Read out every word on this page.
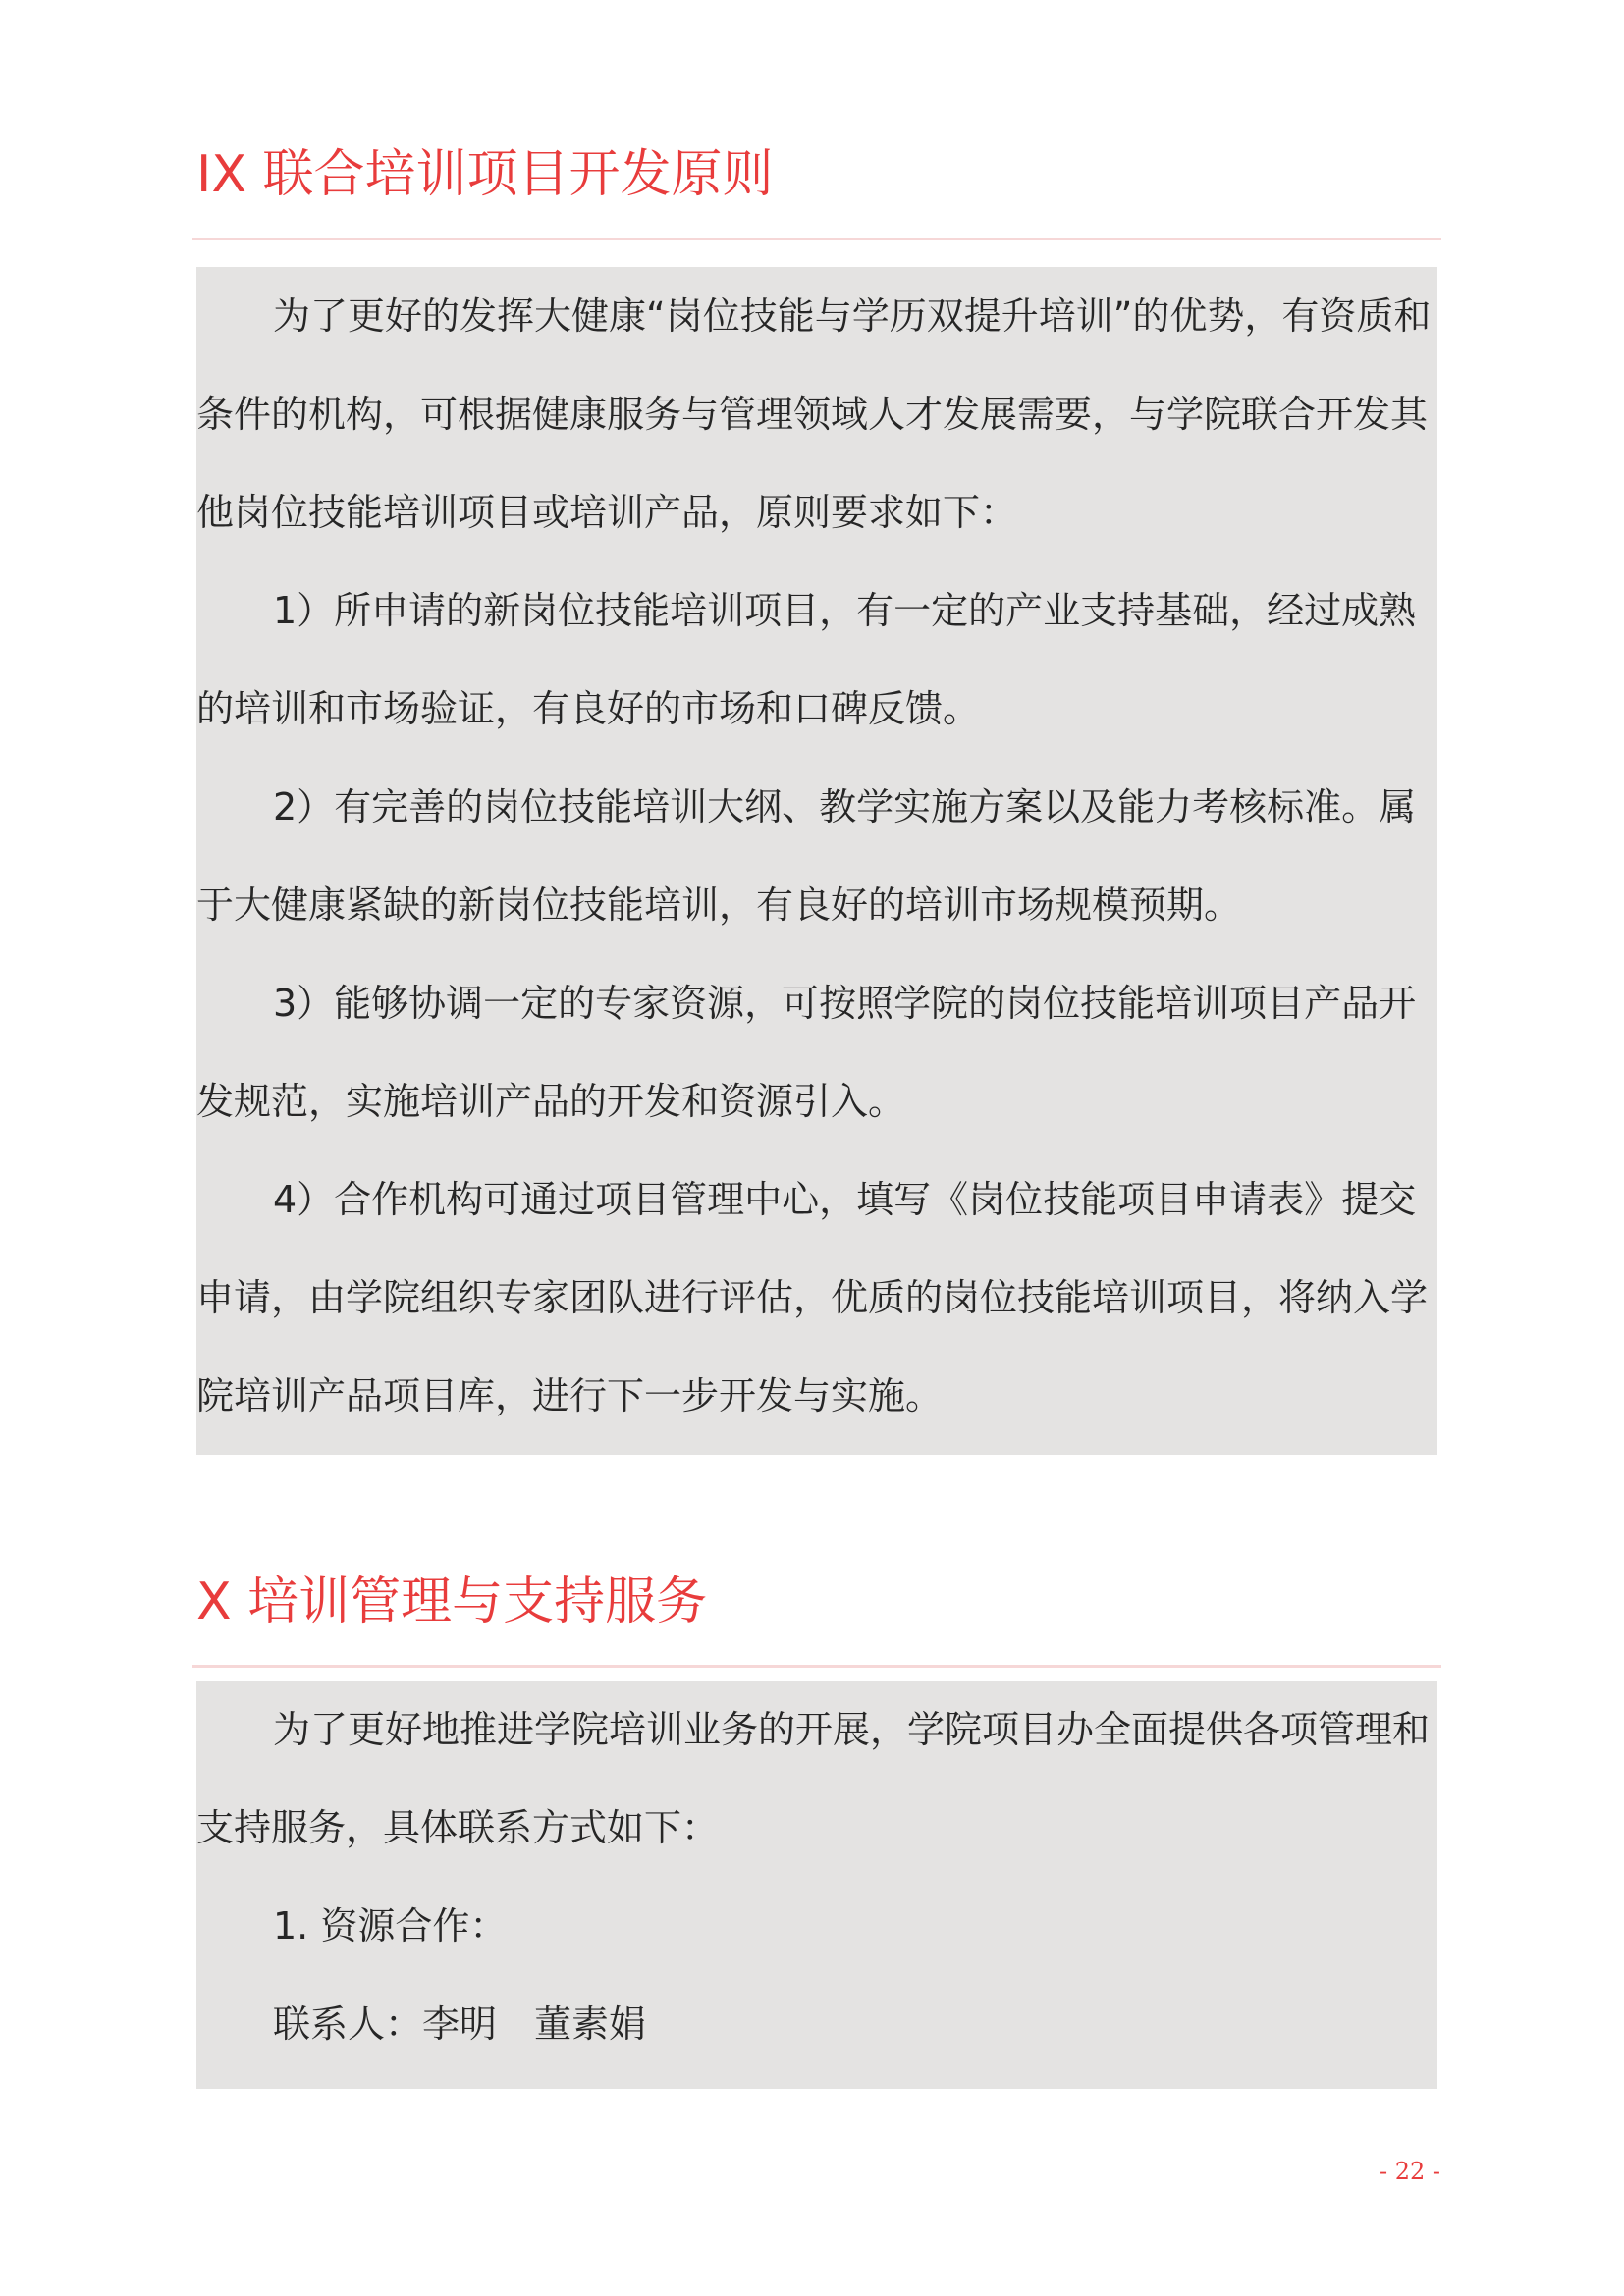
IX 联合培训项目开发原则

为了更好的发挥大健康“岗位技能与学历双提升培训”的优势，有资质和条件的机构，可根据健康服务与管理领域人才发展需要，与学院联合开发其他岗位技能培训项目或培训产品，原则要求如下：

1）所申请的新岗位技能培训项目，有一定的产业支持基础，经过成熟的培训和市场验证，有良好的市场和口碑反馈。

2）有完善的岗位技能培训大纲、教学实施方案以及能力考核标准。属于大健康紧缺的新岗位技能培训，有良好的培训市场规模预期。

3）能够协调一定的专家资源，可按照学院的岗位技能培训项目产品开发规范，实施培训产品的开发和资源引入。

4）合作机构可通过项目管理中心，填写《岗位技能项目申请表》提交申请，由学院组织专家团队进行评估，优质的岗位技能培训项目，将纳入学院培训产品项目库，进行下一步开发与实施。

X 培训管理与支持服务

为了更好地推进学院培训业务的开展，学院项目办全面提供各项管理和支持服务，具体联系方式如下：

1. 资源合作：

联系人：李明　董素娟

- 22 -
